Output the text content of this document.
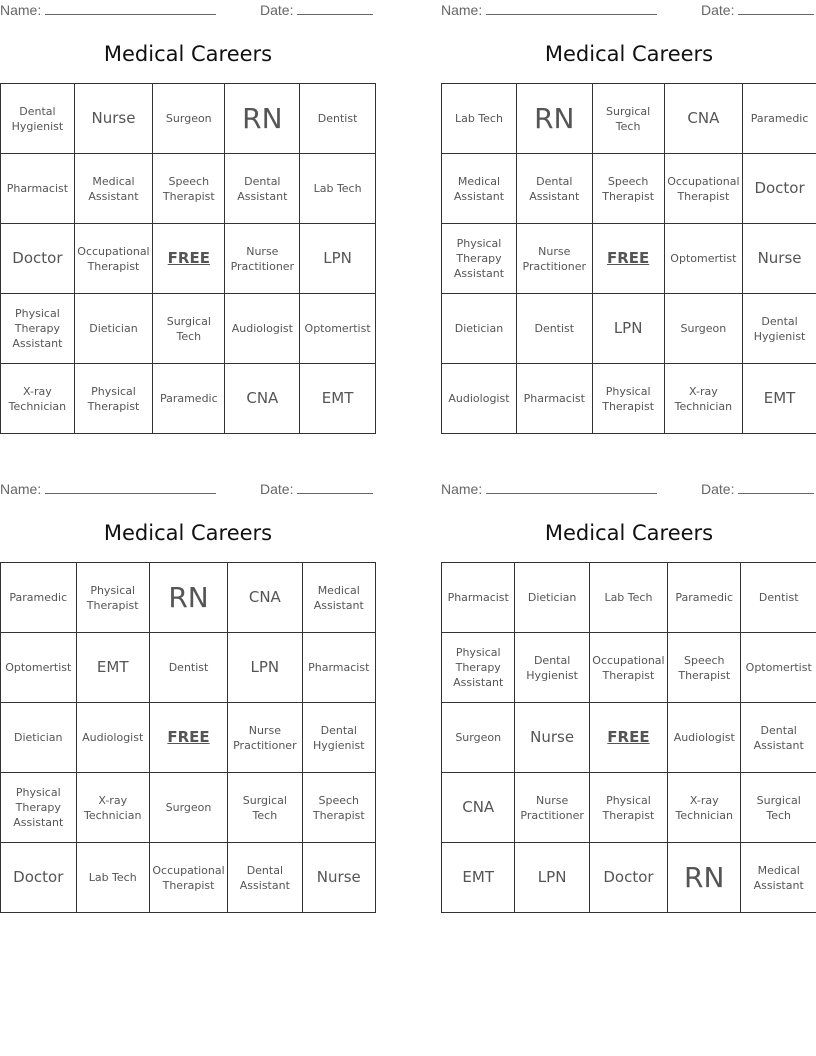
Name:	Date:
Medical Careers
Dental Hygienist	Nurse	Surgeon	RN	Dentist
Pharmacist	Medical Assistant	Speech Therapist	Dental Assistant	Lab Tech
Doctor	Occupational Therapist	FREE	Nurse Practitioner	LPN
Physical Therapy Assistant	Dietician	Surgical Tech	Audiologist	Optomertist
X-ray Technician	Physical Therapist	Paramedic	CNA	EMT
Name:	Date:
Medical Careers
Lab Tech	RN	Surgical Tech	CNA	Paramedic
Medical Assistant	Dental Assistant	Speech Therapist	Occupational Therapist	Doctor
Physical Therapy Assistant	Nurse Practitioner	FREE	Optomertist	Nurse
Dietician	Dentist	LPN	Surgeon	Dental Hygienist
Audiologist	Pharmacist	Physical Therapist	X-ray Technician	EMT
Name:	Date:
Medical Careers
Paramedic	Physical Therapist	RN	CNA	Medical Assistant
Optomertist	EMT	Dentist	LPN	Pharmacist
Dietician	Audiologist	FREE	Nurse Practitioner	Dental Hygienist
Physical Therapy Assistant	X-ray Technician	Surgeon	Surgical Tech	Speech Therapist
Doctor	Lab Tech	Occupational Therapist	Dental Assistant	Nurse
Name:	Date:
Medical Careers
Pharmacist	Dietician	Lab Tech	Paramedic	Dentist
Physical Therapy Assistant	Dental Hygienist	Occupational Therapist	Speech Therapist	Optomertist
Surgeon	Nurse	FREE	Audiologist	Dental Assistant
CNA	Nurse Practitioner	Physical Therapist	X-ray Technician	Surgical Tech
EMT	LPN	Doctor	RN	Medical Assistant
